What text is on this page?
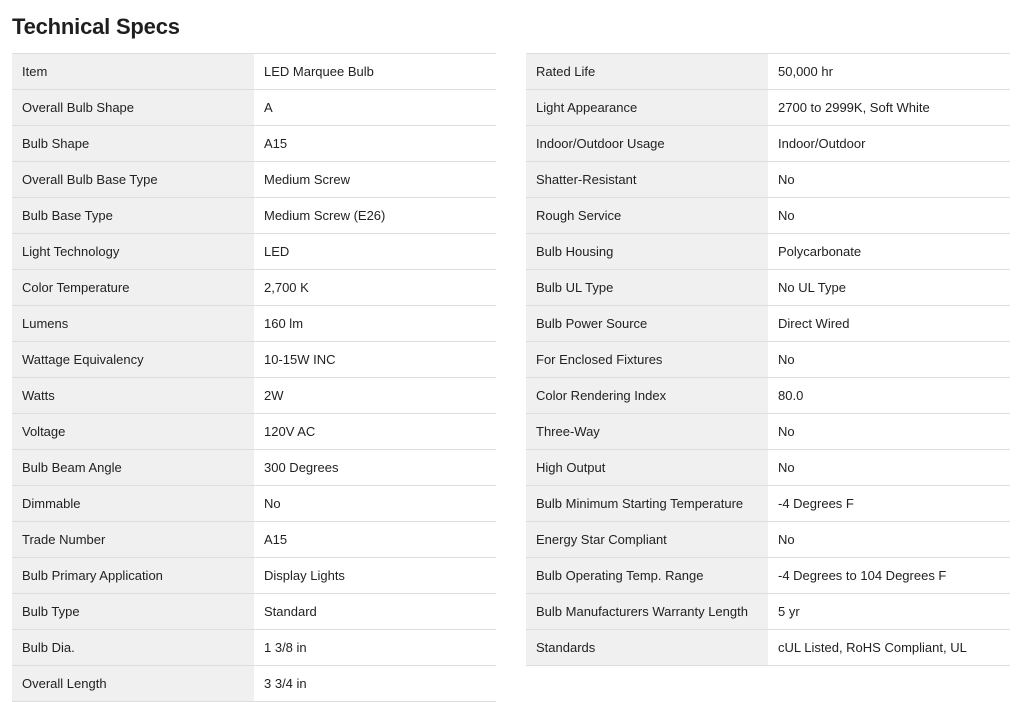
Technical Specs
Item	LED Marquee Bulb
Overall Bulb Shape	A
Bulb Shape	A15
Overall Bulb Base Type	Medium Screw
Bulb Base Type	Medium Screw (E26)
Light Technology	LED
Color Temperature	2,700 K
Lumens	160 lm
Wattage Equivalency	10-15W INC
Watts	2W
Voltage	120V AC
Bulb Beam Angle	300 Degrees
Dimmable	No
Trade Number	A15
Bulb Primary Application	Display Lights
Bulb Type	Standard
Bulb Dia.	1 3/8 in
Overall Length	3 3/4 in
Rated Life	50,000 hr
Light Appearance	2700 to 2999K, Soft White
Indoor/Outdoor Usage	Indoor/Outdoor
Shatter-Resistant	No
Rough Service	No
Bulb Housing	Polycarbonate
Bulb UL Type	No UL Type
Bulb Power Source	Direct Wired
For Enclosed Fixtures	No
Color Rendering Index	80.0
Three-Way	No
High Output	No
Bulb Minimum Starting Temperature	-4 Degrees F
Energy Star Compliant	No
Bulb Operating Temp. Range	-4 Degrees to 104 Degrees F
Bulb Manufacturers Warranty Length	5 yr
Standards	cUL Listed, RoHS Compliant, UL
